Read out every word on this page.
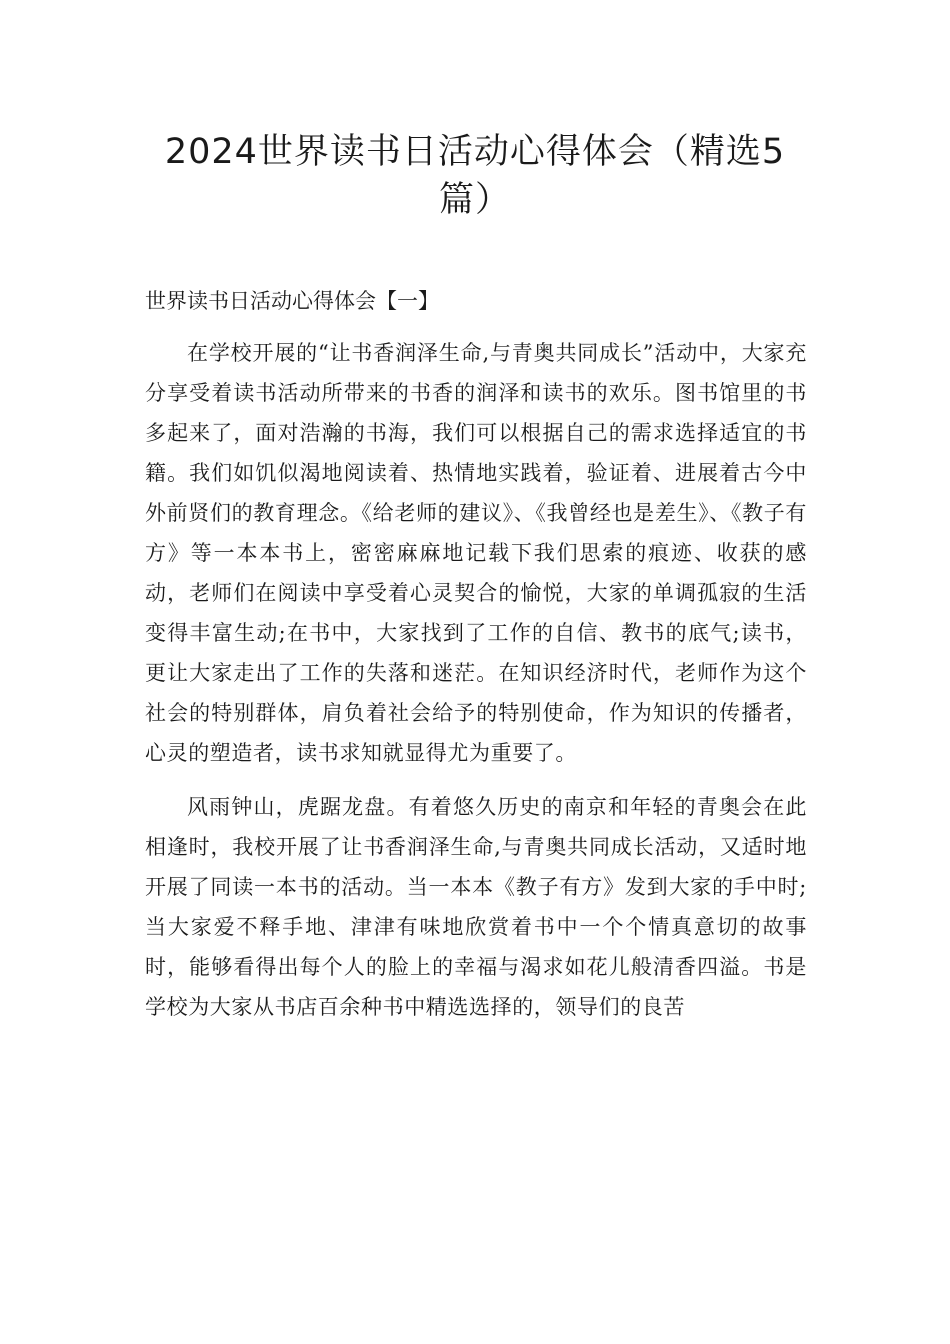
2024世界读书日活动心得体会（精选5篇）
世界读书日活动心得体会【一】

在学校开展的“让书香润泽生命,与青奥共同成长”活动中，大家充分享受着读书活动所带来的书香的润泽和读书的欢乐。图书馆里的书多起来了，面对浩瀚的书海，我们可以根据自己的需求选择适宜的书籍。我们如饥似渴地阅读着、热情地实践着，验证着、进展着古今中外前贤们的教育理念。《给老师的建议》、《我曾经也是差生》、《教子有方》等一本本书上，密密麻麻地记载下我们思索的痕迹、收获的感动，老师们在阅读中享受着心灵契合的愉悦，大家的单调孤寂的生活变得丰富生动;在书中，大家找到了工作的自信、教书的底气;读书，更让大家走出了工作的失落和迷茫。在知识经济时代，老师作为这个社会的特别群体，肩负着社会给予的特别使命，作为知识的传播者，心灵的塑造者，读书求知就显得尤为重要了。

风雨钟山，虎踞龙盘。有着悠久历史的南京和年轻的青奥会在此相逢时，我校开展了让书香润泽生命,与青奥共同成长活动，又适时地开展了同读一本书的活动。当一本本《教子有方》发到大家的手中时;当大家爱不释手地、津津有味地欣赏着书中一个个情真意切的故事时，能够看得出每个人的脸上的幸福与渴求如花儿般清香四溢。书是学校为大家从书店百余种书中精选选择的，领导们的良苦
